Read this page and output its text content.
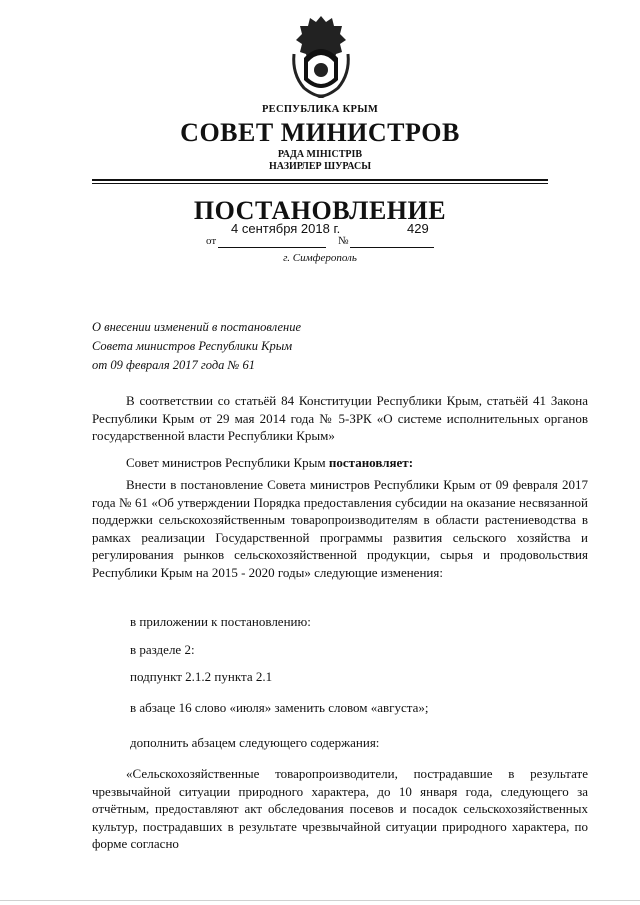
РЕСПУБЛИКА КРЫМ
СОВЕТ МИНИСТРОВ
РАДА МІНІСТРІВ
НАЗИРЛЕР ШУРАСЫ
ПОСТАНОВЛЕНИЕ
4 сентября 2018 г.	429
от	№
г. Симферополь
О внесении изменений в постановление
Совета министров Республики Крым
от 09 февраля 2017 года № 61
В соответствии со статьёй 84 Конституции Республики Крым, статьёй 41 Закона Республики Крым от 29 мая 2014 года № 5-ЗРК «О системе исполнительных органов государственной власти Республики Крым»
Совет министров Республики Крым постановляет:
Внести в постановление Совета министров Республики Крым от 09 февраля 2017 года № 61 «Об утверждении Порядка предоставления субсидии на оказание несвязанной поддержки сельскохозяйственным товаропроизводителям в области растениеводства в рамках реализации Государственной программы развития сельского хозяйства и регулирования рынков сельскохозяйственной продукции, сырья и продовольствия Республики Крым на 2015 - 2020 годы» следующие изменения:
в приложении к постановлению:
в разделе 2:
подпункт 2.1.2 пункта 2.1
в абзаце 16 слово «июля» заменить словом «августа»;
дополнить абзацем следующего содержания:
«Сельскохозяйственные товаропроизводители, пострадавшие в результате чрезвычайной ситуации природного характера, до 10 января года, следующего за отчётным, предоставляют акт обследования посевов и посадок сельскохозяйственных культур, пострадавших в результате чрезвычайной ситуации природного характера, по форме согласно
